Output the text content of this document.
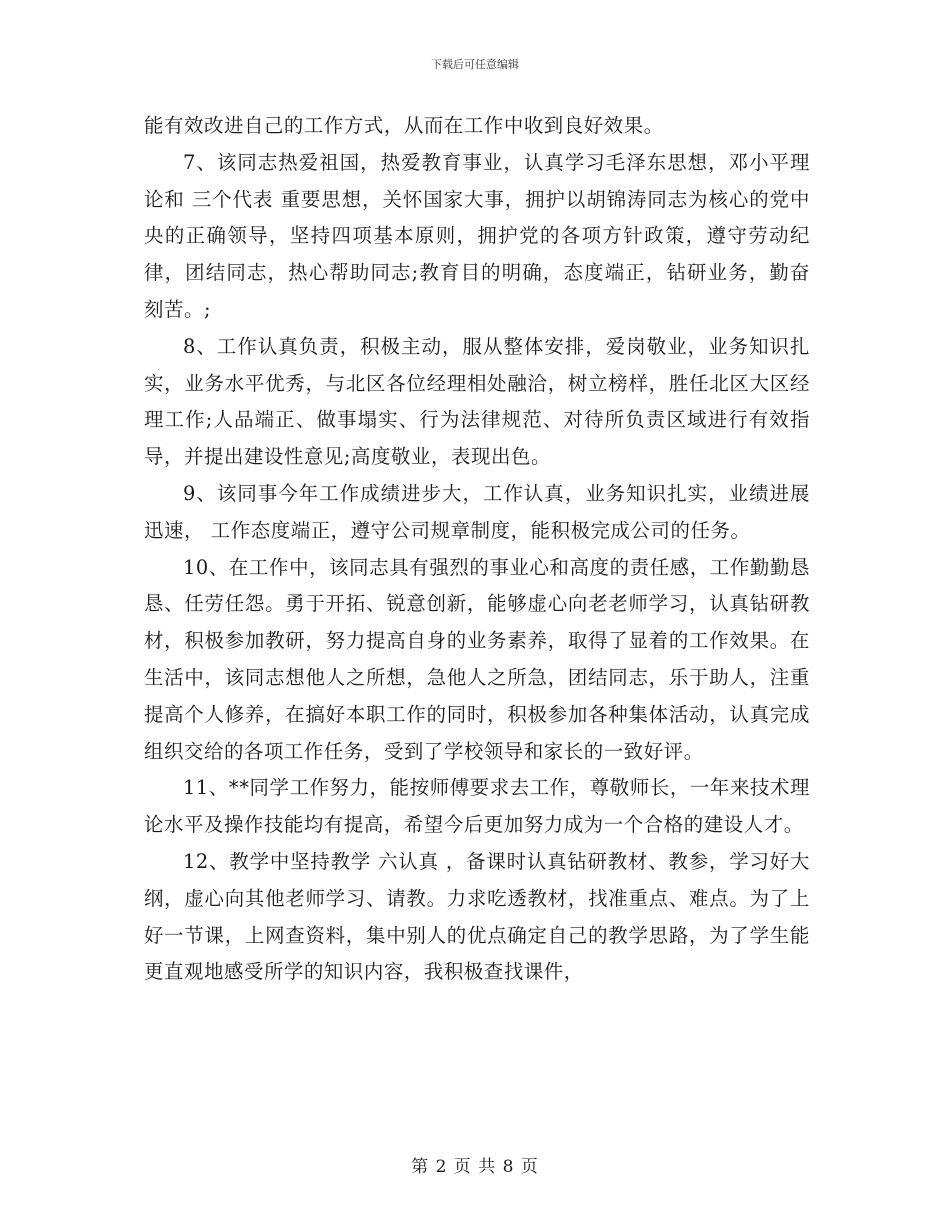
下载后可任意编辑

能有效改进自己的工作方式，从而在工作中收到良好效果。

7、该同志热爱祖国，热爱教育事业，认真学习毛泽东思想，邓小平理论和 三个代表 重要思想，关怀国家大事，拥护以胡锦涛同志为核心的党中央的正确领导，坚持四项基本原则，拥护党的各项方针政策，遵守劳动纪律，团结同志，热心帮助同志;教育目的明确，态度端正，钻研业务，勤奋刻苦。;

8、工作认真负责，积极主动，服从整体安排，爱岗敬业，业务知识扎实，业务水平优秀，与北区各位经理相处融洽，树立榜样，胜任北区大区经理工作;人品端正、做事塌实、行为法律规范、对待所负责区域进行有效指导，并提出建设性意见;高度敬业，表现出色。

9、该同事今年工作成绩进步大，工作认真，业务知识扎实，业绩进展迅速， 工作态度端正，遵守公司规章制度，能积极完成公司的任务。

10、在工作中，该同志具有强烈的事业心和高度的责任感，工作勤勤恳恳、任劳任怨。勇于开拓、锐意创新，能够虚心向老老师学习，认真钻研教材，积极参加教研，努力提高自身的业务素养，取得了显着的工作效果。在生活中，该同志想他人之所想，急他人之所急，团结同志，乐于助人，注重提高个人修养，在搞好本职工作的同时，积极参加各种集体活动，认真完成组织交给的各项工作任务，受到了学校领导和家长的一致好评。

11、**同学工作努力，能按师傅要求去工作，尊敬师长，一年来技术理论水平及操作技能均有提高，希望今后更加努力成为一个合格的建设人才。

12、教学中坚持教学 六认真 ，备课时认真钻研教材、教参，学习好大纲，虚心向其他老师学习、请教。力求吃透教材，找准重点、难点。为了上好一节课，上网查资料，集中别人的优点确定自己的教学思路，为了学生能更直观地感受所学的知识内容，我积极查找课件，

第 2 页 共 8 页
